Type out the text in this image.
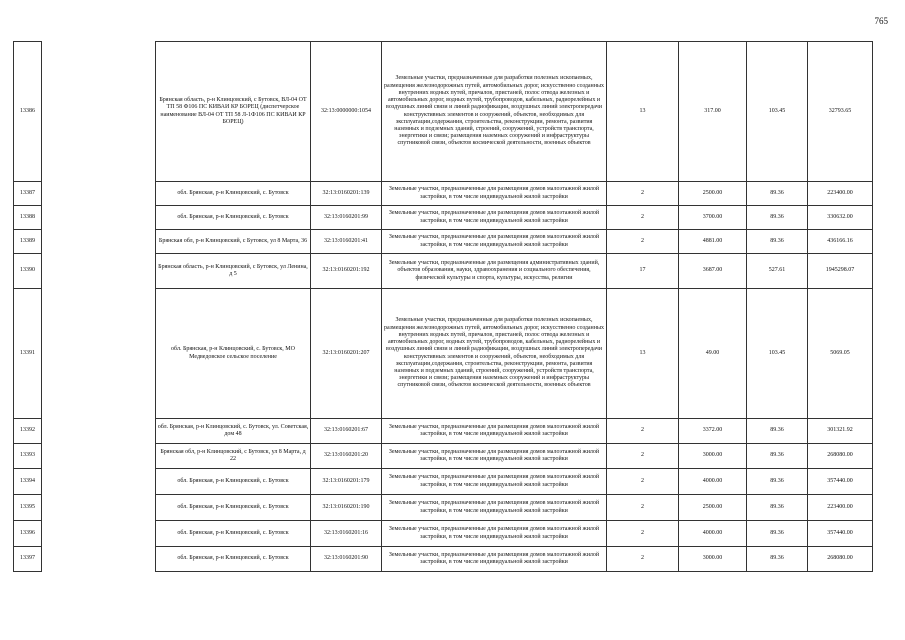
765
13386		Брянская область, р-н Клинцовский, с Бутовск, ВЛ-04 ОТ ТП 58 Ф106 ПС КИВАИ КР БОРЕЦ (диспетчерское наименование ВЛ-04 ОТ ТП 58 Л-1Ф106 ПС КИВАИ КР БОРЕЦ)	32:13:0000000:1054	Земельные участки, предназначенные для разработки полезных ископаемых, размещения железнодорожных путей, автомобильных дорог, искусственно созданных внутренних водных путей, причалов, пристаней, полос отвода железных и автомобильных дорог, водных путей, трубопроводов, кабельных, радиорелейных и воздушных линий связи и линий радиофикации, воздушных линий электропередачи конструктивных элементов и сооружений, объектов, необходимых для эксплуатации,содержания, строительства, реконструкции, ремонта, развития наземных и подземных зданий, строений, сооружений, устройств транспорта, энергетики и связи; размещения наземных сооружений и инфраструктуры спутниковой связи, объектов космической деятельности, военных объектов	13	317.00	103.45	32793.65
13387		обл. Брянская, р-н Клинцовский, с. Бутовск	32:13:0160201:139	Земельные участки, предназначенные для размещения домов малоэтажной жилой застройки, в том числе индивидуальной жилой застройки	2	2500.00	89.36	223400.00
13388		обл. Брянская, р-н Клинцовский, с. Бутовск	32:13:0160201:99	Земельные участки, предназначенные для размещения домов малоэтажной жилой застройки, в том числе индивидуальной жилой застройки	2	3700.00	89.36	330632.00
13389		Брянская обл, р-н Клинцовский, с Бутовск, ул 8 Марта, 36	32:13:0160201:41	Земельные участки, предназначенные для размещения домов малоэтажной жилой застройки, в том числе индивидуальной жилой застройки	2	4881.00	89.36	436166.16
13390		Брянская область, р-н Клинцовский, с Бутовск, ул Ленина, д 5	32:13:0160201:192	Земельные участки, предназначенные для размещения административных зданий, объектов образования, науки, здравоохранения и социального обеспечения, физической культуры и спорта, культуры, искусства, религии	17	3687.00	527.61	1945298.07
13391		обл. Брянская, р-н Клинцовский, с. Бутовск, МО Медведовское сельское поселение	32:13:0160201:207	Земельные участки, предназначенные для разработки полезных ископаемых, размещения железнодорожных путей, автомобильных дорог, искусственно созданных внутренних водных путей, причалов, пристаней, полос отвода железных и автомобильных дорог, водных путей, трубопроводов, кабельных, радиорелейных и воздушных линий связи и линий радиофикации, воздушных линий электропередачи конструктивных элементов и сооружений, объектов, необходимых для эксплуатации,содержания, строительства, реконструкции, ремонта, развития наземных и подземных зданий, строений, сооружений, устройств транспорта, энергетики и связи; размещения наземных сооружений и инфраструктуры спутниковой связи, объектов космической деятельности, военных объектов	13	49.00	103.45	5069.05
13392		обл. Брянская, р-н Клинцовский, с. Бутовск, ул. Советская, дом 48	32:13:0160201:67	Земельные участки, предназначенные для размещения домов малоэтажной жилой застройки, в том числе индивидуальной жилой застройки	2	3372.00	89.36	301321.92
13393		Брянская обл, р-н Клинцовский, с Бутовск, ул 8 Марта, д 22	32:13:0160201:20	Земельные участки, предназначенные для размещения домов малоэтажной жилой застройки, в том числе индивидуальной жилой застройки	2	3000.00	89.36	268080.00
13394		обл. Брянская, р-н Клинцовский, с. Бутовск	32:13:0160201:179	Земельные участки, предназначенные для размещения домов малоэтажной жилой застройки, в том числе индивидуальной жилой застройки	2	4000.00	89.36	357440.00
13395		обл. Брянская, р-н Клинцовский, с. Бутовск	32:13:0160201:190	Земельные участки, предназначенные для размещения домов малоэтажной жилой застройки, в том числе индивидуальной жилой застройки	2	2500.00	89.36	223400.00
13396		обл. Брянская, р-н Клинцовский, с. Бутовск	32:13:0160201:16	Земельные участки, предназначенные для размещения домов малоэтажной жилой застройки, в том числе индивидуальной жилой застройки	2	4000.00	89.36	357440.00
13397		обл. Брянская, р-н Клинцовский, с. Бутовск	32:13:0160201:90	Земельные участки, предназначенные для размещения домов малоэтажной жилой застройки, в том числе индивидуальной жилой застройки	2	3000.00	89.36	268080.00
